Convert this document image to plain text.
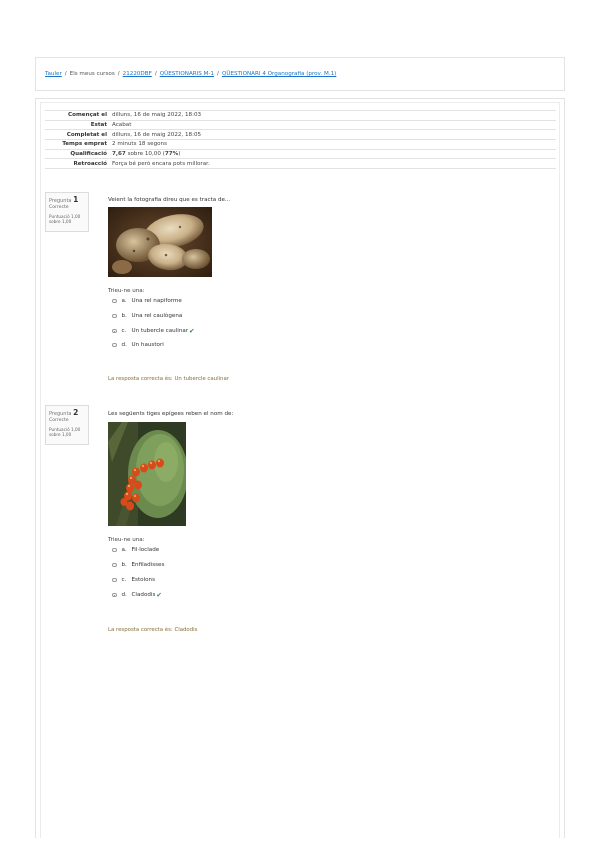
Tauler / Els meus cursos / 21220DBF / QÜESTIONARIS M-1 / QÜESTIONARI 4 Organografia (prov. M.1)
Començat el	dilluns, 16 de maig 2022, 18:03
Estat	Acabat
Completat el	dilluns, 16 de maig 2022, 18:05
Temps emprat	2 minuts 18 segons
Qualificació	7,67 sobre 10,00 (77%)
Retroacció	Força bé però encara pots millorar.
Pregunta 1
Correcte
Puntuació 1,00 sobre 1,00
Veient la fotografia direu que es tracta de...
Trieu-ne una:
a. Una rel napiforme
b. Una rel caulògena
c. Un tubercle caulinar ✔
d. Un haustori
La resposta correcta és: Un tubercle caulinar
Pregunta 2
Correcte
Puntuació 1,00 sobre 1,00
Les següents tiges epígees reben el nom de:
Trieu-ne una:
a. Fil·loclade
b. Enfiladisses
c. Estolons
d. Cladodis ✔
La resposta correcta és: Cladodis
